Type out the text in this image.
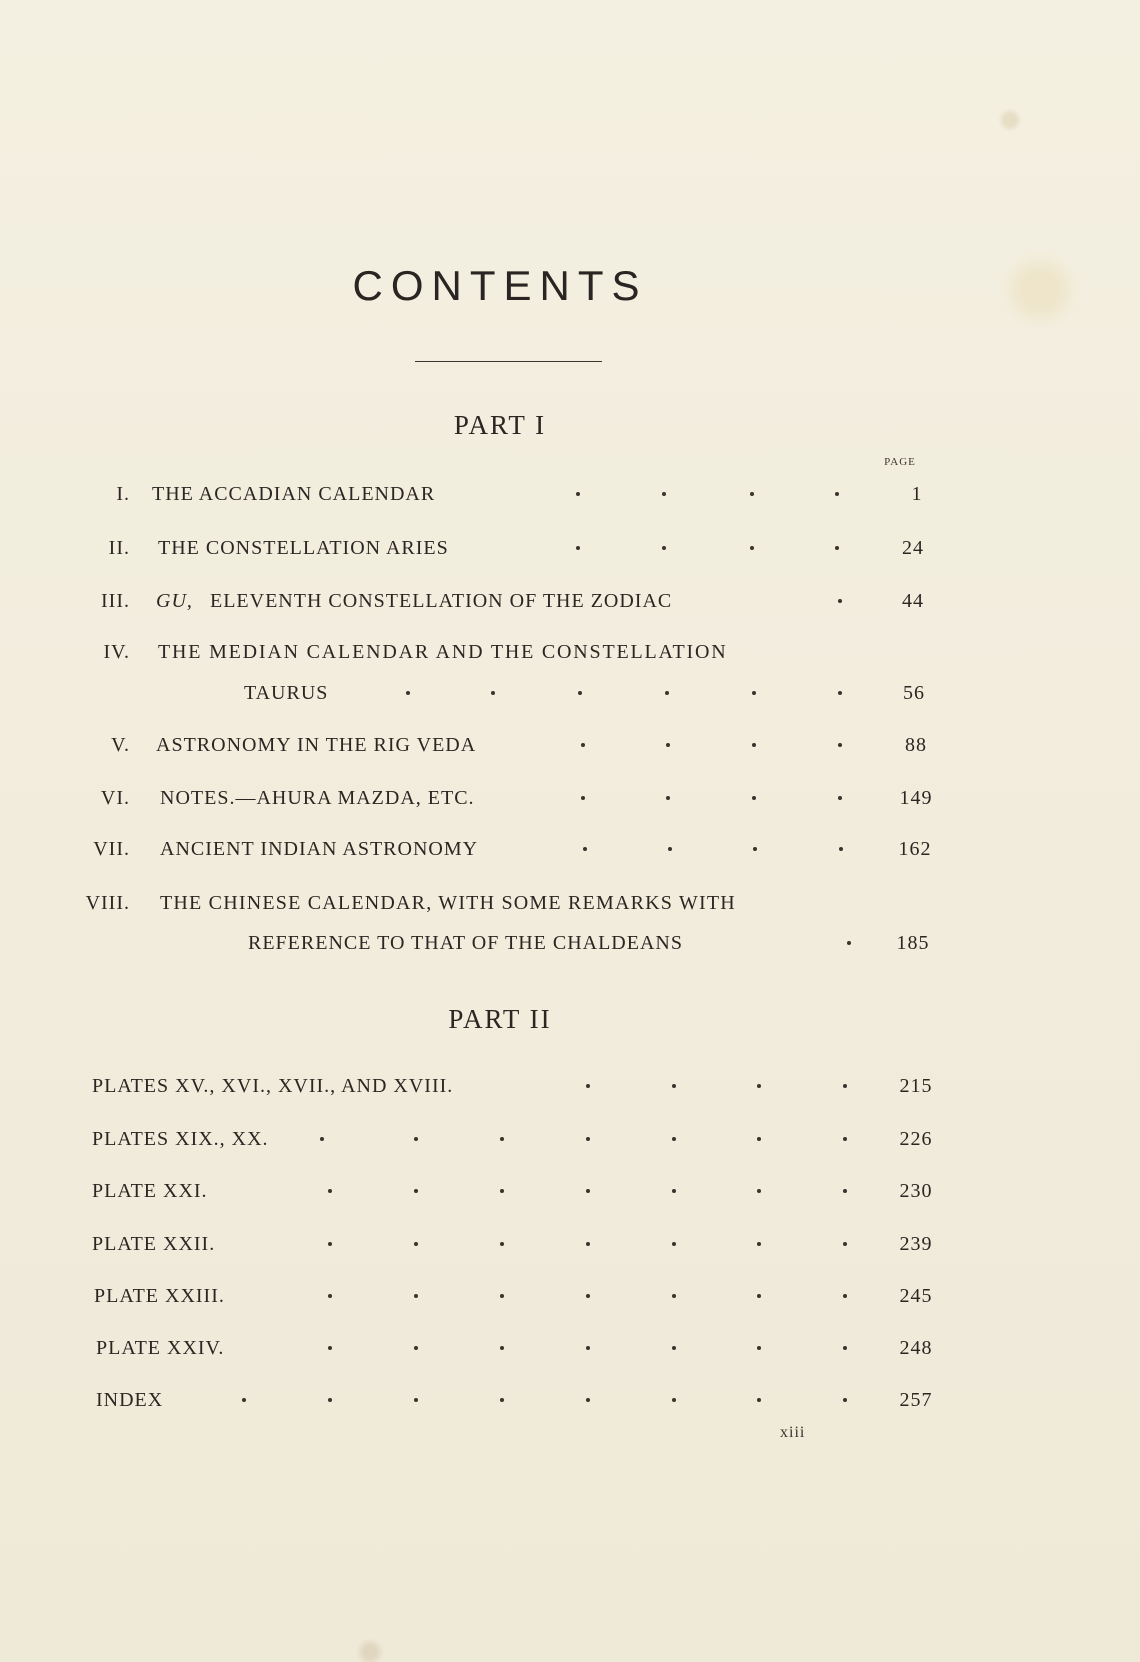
CONTENTS
PART I
PAGE
I. THE ACCADIAN CALENDAR	1
II. THE CONSTELLATION ARIES	24
III. GU, ELEVENTH CONSTELLATION OF THE ZODIAC	44
IV. THE MEDIAN CALENDAR AND THE CONSTELLATION
TAURUS	56
V. ASTRONOMY IN THE RIG VEDA	88
VI. NOTES.—AHURA MAZDA, ETC.	149
VII. ANCIENT INDIAN ASTRONOMY	162
VIII. THE CHINESE CALENDAR, WITH SOME REMARKS WITH
REFERENCE TO THAT OF THE CHALDEANS	185
PART II
PLATES XV., XVI., XVII., AND XVIII.	215
PLATES XIX., XX.	226
PLATE XXI.	230
PLATE XXII.	239
PLATE XXIII.	245
PLATE XXIV.	248
INDEX	257
xiii
